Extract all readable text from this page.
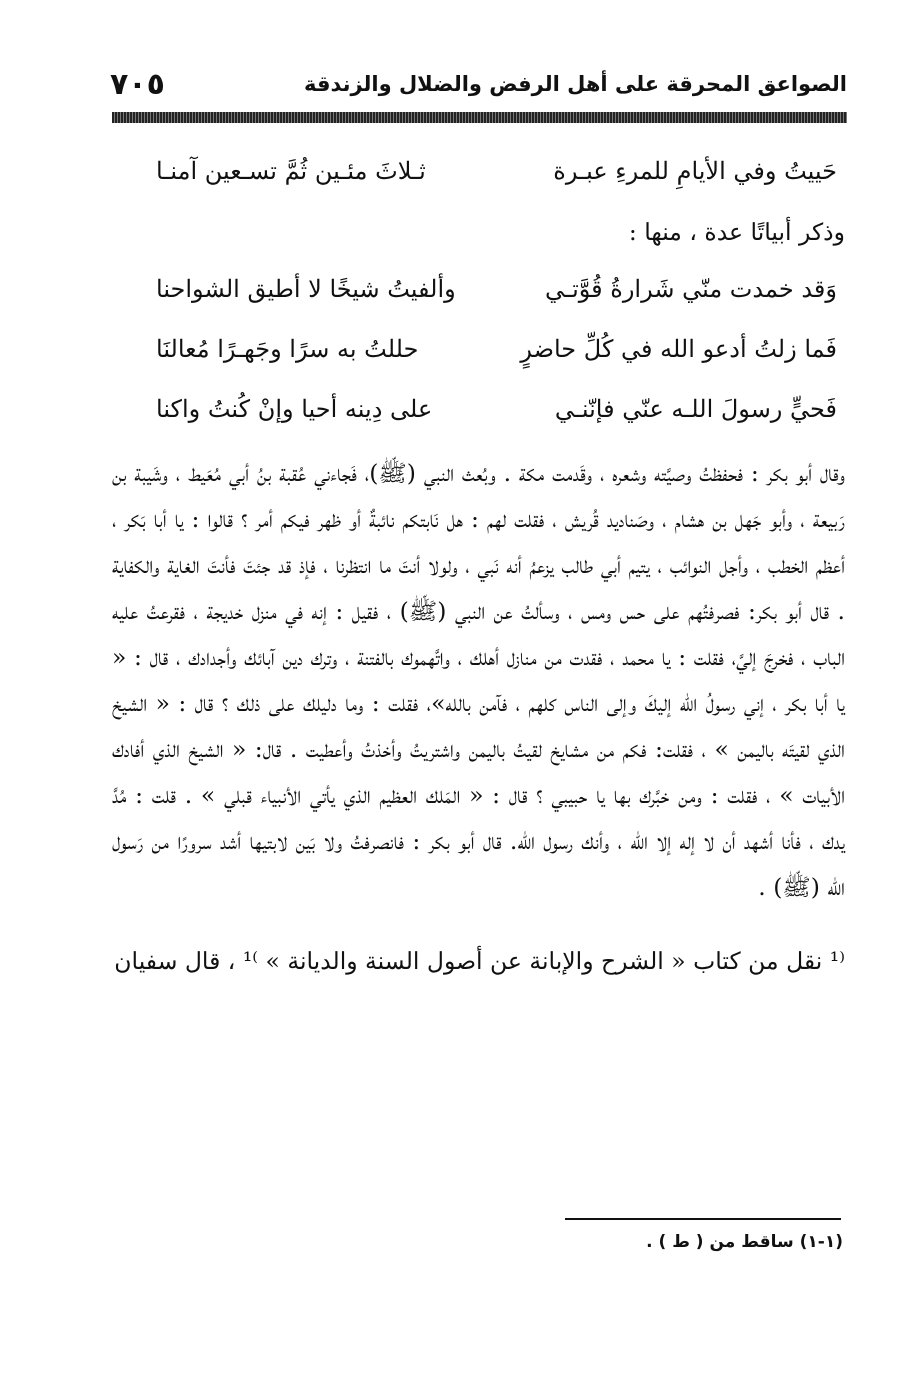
الصواعق المحرقة على أهل الرفض والضلال والزندقة
٧٠٥
حَييتُ وفي الأيامِ للمرءِ عبـرة
ثـلاثَ مئـين ثُمَّ تسـعين آمنـا
وذكر أبياتًا عدة ، منها :
وَقد خمدت منّي شَرارةُ قُوَّتـي
وألفيتُ شيخًا لا أطيق الشواحنا
فَما زلتُ أدعو الله في كُلِّ حاضرٍ
حللتُ به سرًا وجَهـرًا مُعالنَا
فَحيٍّ رسولَ اللـه عنّي فإنّنـي
على دِينه أحيا وإنْ كُنتُ واكنا

وقال أبو بكر : فحفظتُ وصيَّته وشعره ، وقَدمت مكة . وبُعث النبي (ﷺ)، فَجاءني عُقبة بنُ أبي مُعَيط ، وشَيبة بن رَبيعة ، وأبو جَهل بن هشام ، وصَناديد قُريش ، فقلت لهم : هل نَابتكم نائبةٌ أو ظهر فيكم أمر ؟ قالوا : يا أبا بَكر ، أعظم الخطب ، وأجل النوائب ، يتيم أبي طالب يزعمُ أنه نَبي ، ولولا أنتَ ما انتظرنا ، فإذ قد جئتَ فأنتَ الغاية والكفاية . قال أبو بكر: فصرفتُهم على حس ومس ، وسألتُ عن النبي (ﷺ) ، فقيل : إنه في منزل خديجة ، فقرعتُ عليه الباب ، فخرجَ إليَّ، فقلت : يا محمد ، فقدت من منازل أهلك ، واتَّهموك بالفتنة ، وترك دين آبائك وأجدادك ، قال : « يا أبا بكر ، إني رسولُ الله إليكَ وإلى الناس كلهم ، فآمن بالله»، فقلت : وما دليلك على ذلك ؟ قال : « الشيخ الذي لقيتَه باليمن » ، فقلت: فكم من مشايخ لقيتُ باليمن واشتريتُ وأخذتُ وأعطيت . قال: « الشيخ الذي أفادك الأبيات » ، فقلت : ومن خبَّرك بها يا حبيبي ؟ قال : « المَلك العظيم الذي يأتي الأنبياء قبلي » . قلت : مُدَّ يدك ، فأنا أشهد أن لا إله إلا الله ، وأنك رسول الله. قال أبو بكر : فانصرفتُ ولا بَين لابتيها أشد سرورًا من رَسول الله (ﷺ) .

⁽¹ نقل من كتاب « الشرح والإبانة عن أصول السنة والديانة » ⁾¹ ، قال سفيان
(١-١) ساقط من ( ط ) .
